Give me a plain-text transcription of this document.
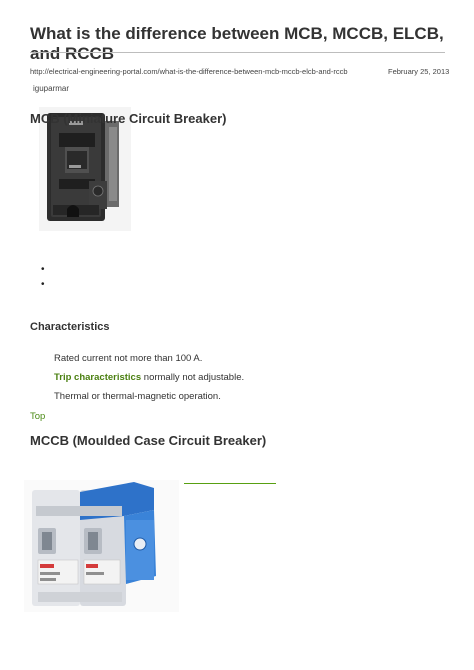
What is the difference between MCB, MCCB, ELCB, and RCCB
http://electrical-engineering-portal.com/what-is-the-difference-between-mcb-mccb-elcb-and-rccb	February 25, 2013
iguparmar
MCB (Miniature Circuit Breaker)
•
•
Characteristics
Rated current not more than 100 A.
Trip characteristics normally not adjustable.
Thermal or thermal-magnetic operation.
Top
MCCB (Moulded Case Circuit Breaker)
